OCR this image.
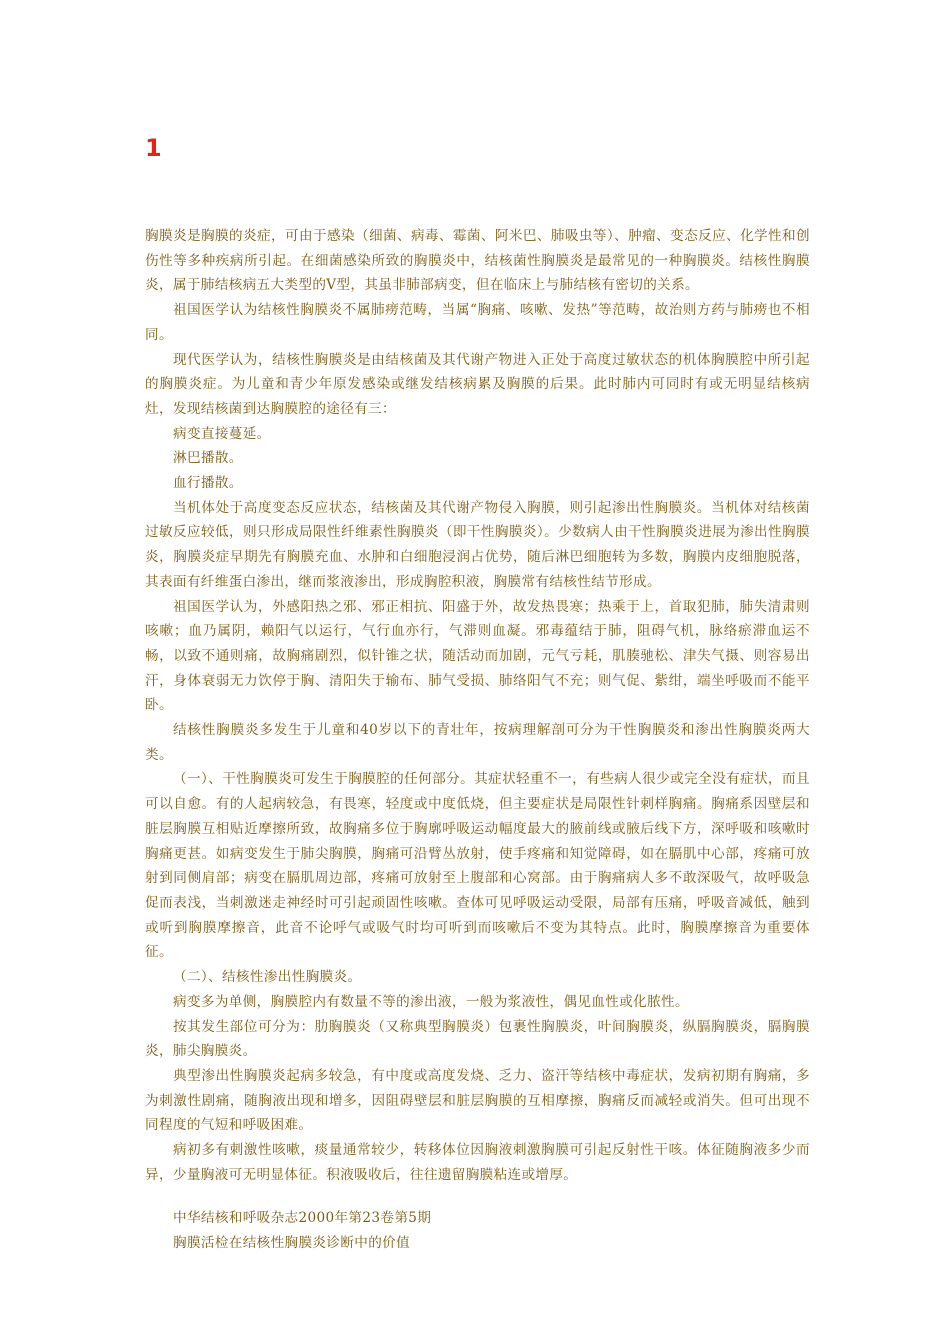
1

胸膜炎是胸膜的炎症，可由于感染（细菌、病毒、霉菌、阿米巴、肺吸虫等）、肿瘤、变态反应、化学性和创伤性等多种疾病所引起。在细菌感染所致的胸膜炎中，结核菌性胸膜炎是最常见的一种胸膜炎。结核性胸膜炎，属于肺结核病五大类型的Ⅴ型，其虽非肺部病变，但在临床上与肺结核有密切的关系。

祖国医学认为结核性胸膜炎不属肺痨范畴，当属“胸痛、咳嗽、发热”等范畴，故治则方药与肺痨也不相同。

现代医学认为，结核性胸膜炎是由结核菌及其代谢产物进入正处于高度过敏状态的机体胸膜腔中所引起的胸膜炎症。为儿童和青少年原发感染或继发结核病累及胸膜的后果。此时肺内可同时有或无明显结核病灶，发现结核菌到达胸膜腔的途径有三：

病变直接蔓延。

淋巴播散。

血行播散。

当机体处于高度变态反应状态，结核菌及其代谢产物侵入胸膜，则引起渗出性胸膜炎。当机体对结核菌过敏反应较低，则只形成局限性纤维素性胸膜炎（即干性胸膜炎）。少数病人由干性胸膜炎进展为渗出性胸膜炎，胸膜炎症早期先有胸膜充血、水肿和白细胞浸润占优势，随后淋巴细胞转为多数，胸膜内皮细胞脱落，其表面有纤维蛋白渗出，继而浆液渗出，形成胸腔积液，胸膜常有结核性结节形成。

祖国医学认为，外感阳热之邪、邪正相抗、阳盛于外，故发热畏寒；热乘于上，首取犯肺，肺失清肃则咳嗽；血乃属阴，赖阳气以运行，气行血亦行，气滞则血凝。邪毒蕴结于肺，阻碍气机，脉络瘀滞血运不畅，以致不通则痛，故胸痛剧烈，似针锥之状，随活动而加剧，元气亏耗，肌腠驰松、津失气摄、则容易出汗，身体衰弱无力饮停于胸、清阳失于输布、肺气受损、肺络阳气不充；则气促、紫绀，端坐呼吸而不能平卧。

结核性胸膜炎多发生于儿童和40岁以下的青壮年，按病理解剖可分为干性胸膜炎和渗出性胸膜炎两大类。

（一）、干性胸膜炎可发生于胸膜腔的任何部分。其症状轻重不一，有些病人很少或完全没有症状，而且可以自愈。有的人起病较急，有畏寒，轻度或中度低烧，但主要症状是局限性针刺样胸痛。胸痛系因壁层和脏层胸膜互相贴近摩擦所致，故胸痛多位于胸廓呼吸运动幅度最大的腋前线或腋后线下方，深呼吸和咳嗽时胸痛更甚。如病变发生于肺尖胸膜，胸痛可沿臂丛放射，使手疼痛和知觉障碍，如在膈肌中心部，疼痛可放射到同侧肩部；病变在膈肌周边部，疼痛可放射至上腹部和心窝部。由于胸痛病人多不敢深吸气，故呼吸急促而表浅，当刺激迷走神经时可引起顽固性咳嗽。查体可见呼吸运动受限，局部有压痛，呼吸音减低，触到或听到胸膜摩擦音，此音不论呼气或吸气时均可听到而咳嗽后不变为其特点。此时，胸膜摩擦音为重要体征。

（二）、结核性渗出性胸膜炎。

病变多为单侧，胸膜腔内有数量不等的渗出液，一般为浆液性，偶见血性或化脓性。

按其发生部位可分为：肋胸膜炎（又称典型胸膜炎）包裹性胸膜炎，叶间胸膜炎，纵膈胸膜炎，膈胸膜炎，肺尖胸膜炎。

典型渗出性胸膜炎起病多较急，有中度或高度发烧、乏力、盗汗等结核中毒症状，发病初期有胸痛，多为刺激性剧痛，随胸液出现和增多，因阻碍壁层和脏层胸膜的互相摩擦，胸痛反而减轻或消失。但可出现不同程度的气短和呼吸困难。

病初多有刺激性咳嗽，痰量通常较少，转移体位因胸液刺激胸膜可引起反射性干咳。体征随胸液多少而异，少量胸液可无明显体征。积液吸收后，往往遗留胸膜粘连或增厚。

中华结核和呼吸杂志2000年第23卷第5期

胸膜活检在结核性胸膜炎诊断中的价值
